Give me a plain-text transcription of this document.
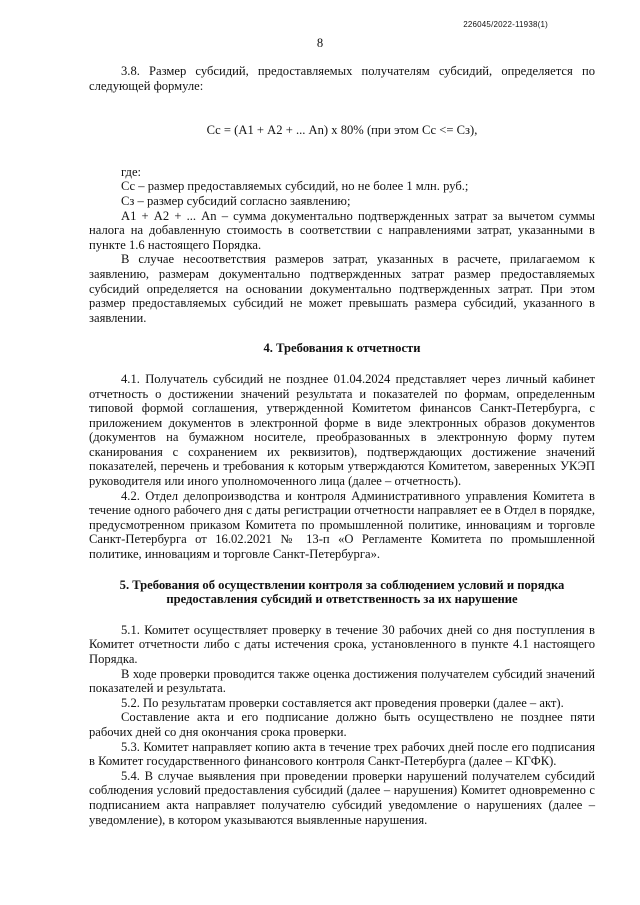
226045/2022-11938(1)
8

3.8. Размер субсидий, предоставляемых получателям субсидий, определяется по следующей формуле:

Сс = (А1 + А2 + ... Аn) х 80% (при этом Сс <= Сз),

где:

Сс – размер предоставляемых субсидий, но не более 1 млн. руб.;

Сз – размер субсидий согласно заявлению;

А1 + А2 + ... Аn – сумма документально подтвержденных затрат за вычетом суммы налога на добавленную стоимость в соответствии с направлениями затрат, указанными в пункте 1.6 настоящего Порядка.

В случае несоответствия размеров затрат, указанных в расчете, прилагаемом к заявлению, размерам документально подтвержденных затрат размер предоставляемых субсидий определяется на основании документально подтвержденных затрат. При этом размер предоставляемых субсидий не может превышать размера субсидий, указанного в заявлении.

4. Требования к отчетности

4.1. Получатель субсидий не позднее 01.04.2024 представляет через личный кабинет отчетность о достижении значений результата и показателей по формам, определенным типовой формой соглашения, утвержденной Комитетом финансов Санкт-Петербурга, с приложением документов в электронной форме в виде электронных образов документов (документов на бумажном носителе, преобразованных в электронную форму путем сканирования с сохранением их реквизитов), подтверждающих достижение значений показателей, перечень и требования к которым утверждаются Комитетом, заверенных УКЭП руководителя или иного уполномоченного лица (далее – отчетность).

4.2. Отдел делопроизводства и контроля Административного управления Комитета в течение одного рабочего дня с даты регистрации отчетности направляет ее в Отдел в порядке, предусмотренном приказом Комитета по промышленной политике, инновациям и торговле Санкт-Петербурга от 16.02.2021 № 13-п «О Регламенте Комитета по промышленной политике, инновациям и торговле Санкт-Петербурга».

5. Требования об осуществлении контроля за соблюдением условий и порядка предоставления субсидий и ответственность за их нарушение

5.1. Комитет осуществляет проверку в течение 30 рабочих дней со дня поступления в Комитет отчетности либо с даты истечения срока, установленного в пункте 4.1 настоящего Порядка.

В ходе проверки проводится также оценка достижения получателем субсидий значений показателей и результата.

5.2. По результатам проверки составляется акт проведения проверки (далее – акт).

Составление акта и его подписание должно быть осуществлено не позднее пяти рабочих дней со дня окончания срока проверки.

5.3. Комитет направляет копию акта в течение трех рабочих дней после его подписания в Комитет государственного финансового контроля Санкт-Петербурга (далее – КГФК).

5.4. В случае выявления при проведении проверки нарушений получателем субсидий соблюдения условий предоставления субсидий (далее – нарушения) Комитет одновременно с подписанием акта направляет получателю субсидий уведомление о нарушениях (далее – уведомление), в котором указываются выявленные нарушения.
